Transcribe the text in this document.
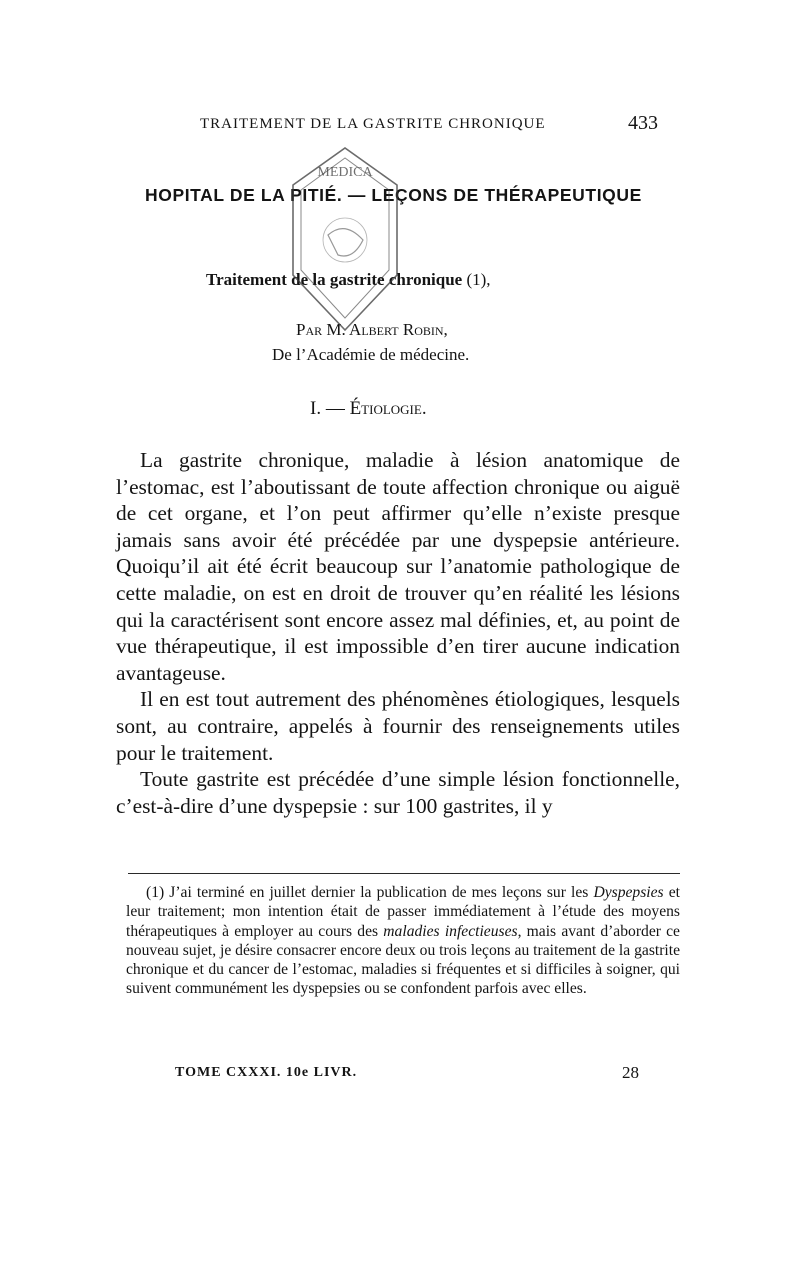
TRAITEMENT DE LA GASTRITE CHRONIQUE	433
HOPITAL DE LA PITIÉ. — LEÇONS DE THÉRAPEUTIQUE
Traitement de la gastrite chronique (1),
Par M. Albert Robin,
De l’Académie de médecine.
MEDICA
I. — Étiologie.

La gastrite chronique, maladie à lésion anatomique de l’estomac, est l’aboutissant de toute affection chronique ou aiguë de cet organe, et l’on peut affirmer qu’elle n’existe presque jamais sans avoir été précédée par une dyspepsie antérieure. Quoiqu’il ait été écrit beaucoup sur l’anatomie pathologique de cette maladie, on est en droit de trouver qu’en réalité les lésions qui la caractérisent sont encore assez mal définies, et, au point de vue thérapeutique, il est impossible d’en tirer aucune indication avantageuse.

Il en est tout autrement des phénomènes étiologiques, lesquels sont, au contraire, appelés à fournir des renseignements utiles pour le traitement.

Toute gastrite est précédée d’une simple lésion fonctionnelle, c’est-à-dire d’une dyspepsie : sur 100 gastrites, il y

(1) J’ai terminé en juillet dernier la publication de mes leçons sur les Dyspepsies et leur traitement; mon intention était de passer immédiatement à l’étude des moyens thérapeutiques à employer au cours des maladies infectieuses, mais avant d’aborder ce nouveau sujet, je désire consacrer encore deux ou trois leçons au traitement de la gastrite chronique et du cancer de l’estomac, maladies si fréquentes et si difficiles à soigner, qui suivent communément les dyspepsies ou se confondent parfois avec elles.

TOME CXXXI. 10e LIVR.	28
